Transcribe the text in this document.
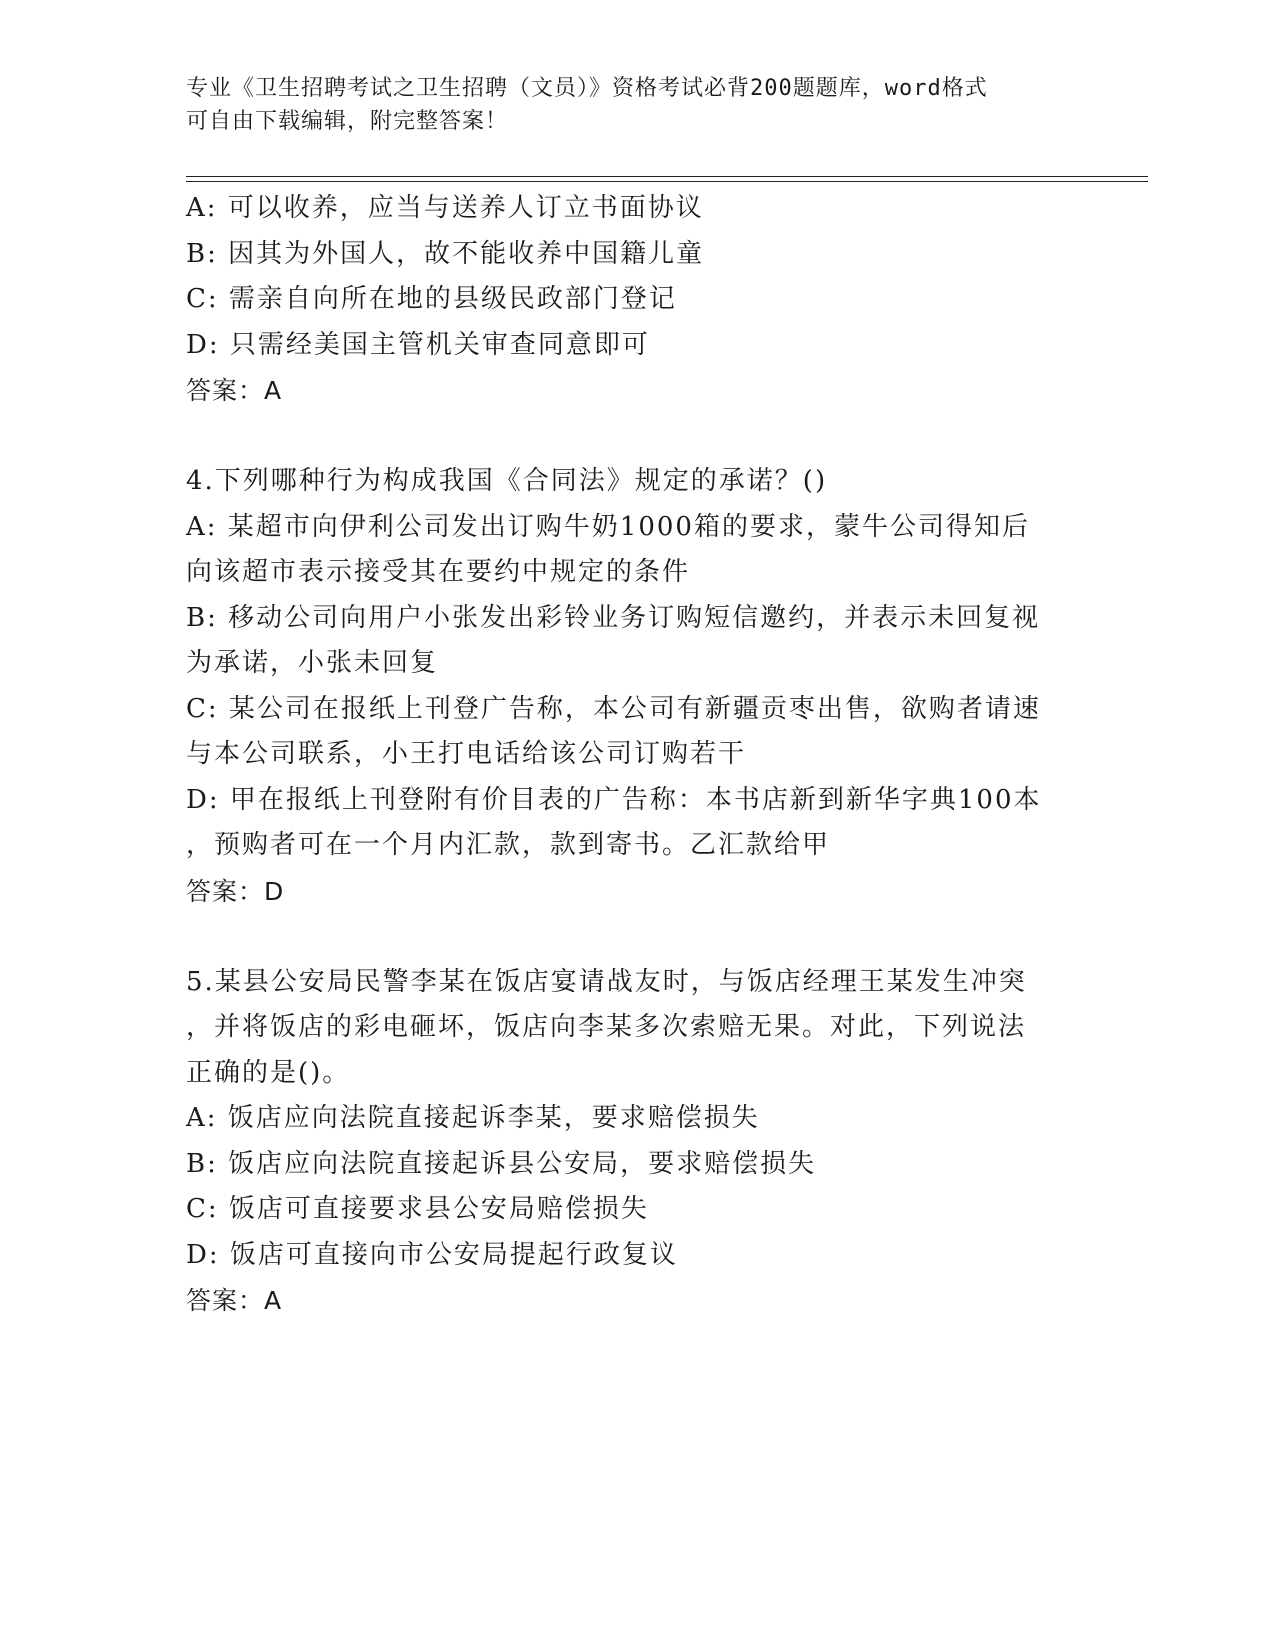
专业《卫生招聘考试之卫生招聘（文员）》资格考试必背200题题库，word格式
可自由下载编辑，附完整答案！
A: 可以收养，应当与送养人订立书面协议
B: 因其为外国人，故不能收养中国籍儿童
C: 需亲自向所在地的县级民政部门登记
D: 只需经美国主管机关审查同意即可
答案：A
4.下列哪种行为构成我国《合同法》规定的承诺？()
A: 某超市向伊利公司发出订购牛奶1000箱的要求，蒙牛公司得知后
向该超市表示接受其在要约中规定的条件
B: 移动公司向用户小张发出彩铃业务订购短信邀约，并表示未回复视
为承诺，小张未回复
C: 某公司在报纸上刊登广告称，本公司有新疆贡枣出售，欲购者请速
与本公司联系，小王打电话给该公司订购若干
D: 甲在报纸上刊登附有价目表的广告称：本书店新到新华字典100本
，预购者可在一个月内汇款，款到寄书。乙汇款给甲
答案：D
5.某县公安局民警李某在饭店宴请战友时，与饭店经理王某发生冲突
，并将饭店的彩电砸坏，饭店向李某多次索赔无果。对此，下列说法
正确的是()。
A: 饭店应向法院直接起诉李某，要求赔偿损失
B: 饭店应向法院直接起诉县公安局，要求赔偿损失
C: 饭店可直接要求县公安局赔偿损失
D: 饭店可直接向市公安局提起行政复议
答案：A
